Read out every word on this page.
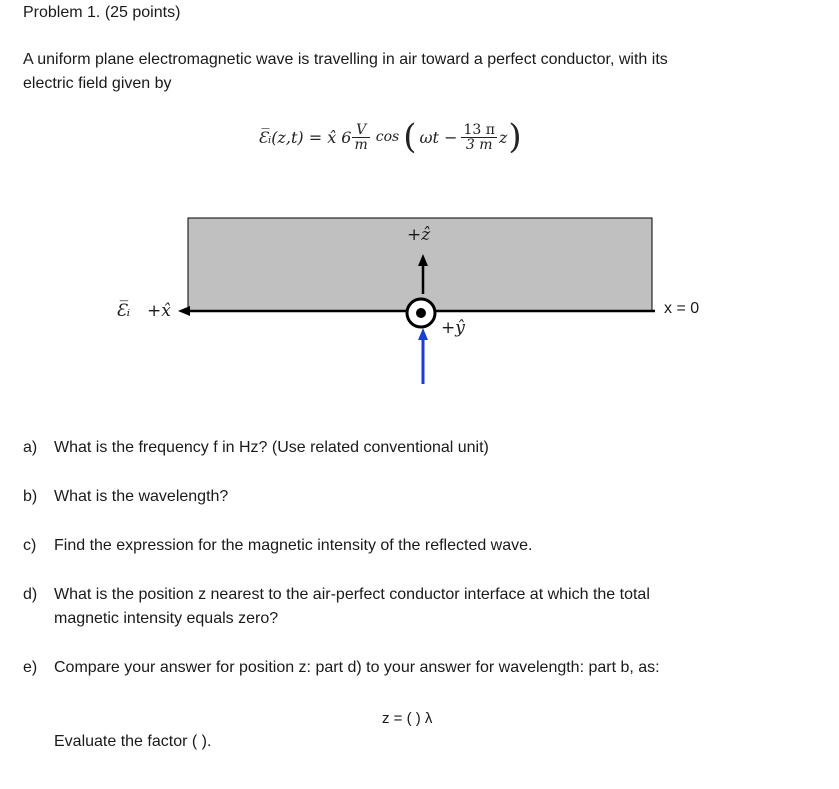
Problem 1. (25 points)
A uniform plane electromagnetic wave is travelling in air toward a perfect conductor, with its
electric field given by
Ɛ̅ᵢ(z,t) = x̂ $6 \frac{V}{m}$ cos ( $\omega t - \frac{13 \pi}{3 m}$ z )
+ẑ
+ŷ
Ɛ̅ᵢ +x̂	x = 0
a) What is the frequency f in Hz? (Use related conventional unit)
b) What is the wavelength?
c) Find the expression for the magnetic intensity of the reflected wave.
d) What is the position z nearest to the air-perfect conductor interface at which the total
magnetic intensity equals zero?
e) Compare your answer for position z: part d) to your answer for wavelength: part b, as:
z = ( ) λ
Evaluate the factor ( ).
